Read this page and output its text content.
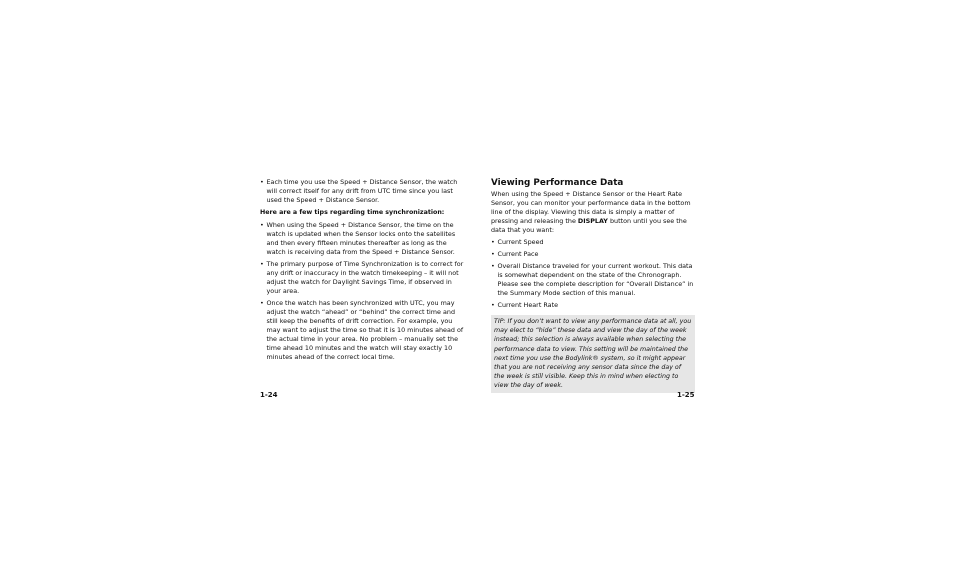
• Each time you use the Speed + Distance Sensor, the watch will correct itself for any drift from UTC time since you last used the Speed + Distance Sensor.
Here are a few tips regarding time synchronization:
• When using the Speed + Distance Sensor, the time on the watch is updated when the Sensor locks onto the satellites and then every fifteen minutes thereafter as long as the watch is receiving data from the Speed + Distance Sensor.
• The primary purpose of Time Synchronization is to correct for any drift or inaccuracy in the watch timekeeping – it will not adjust the watch for Daylight Savings Time, if observed in your area.
• Once the watch has been synchronized with UTC, you may adjust the watch “ahead” or “behind” the correct time and still keep the benefits of drift correction. For example, you may want to adjust the time so that it is 10 minutes ahead of the actual time in your area. No problem – manually set the time ahead 10 minutes and the watch will stay exactly 10 minutes ahead of the correct local time.
Viewing Performance Data

When using the Speed + Distance Sensor or the Heart Rate Sensor, you can monitor your performance data in the bottom line of the display. Viewing this data is simply a matter of pressing and releasing the DISPLAY button until you see the data that you want:

• Current Speed
• Current Pace
• Overall Distance traveled for your current workout. This data is somewhat dependent on the state of the Chronograph. Please see the complete description for “Overall Distance” in the Summary Mode section of this manual.
• Current Heart Rate
TIP: If you don’t want to view any performance data at all, you may elect to “hide” these data and view the day of the week instead; this selection is always available when selecting the performance data to view. This setting will be maintained the next time you use the Bodylink® system, so it might appear that you are not receiving any sensor data since the day of the week is still visible. Keep this in mind when electing to view the day of week.
1-24	1-25
